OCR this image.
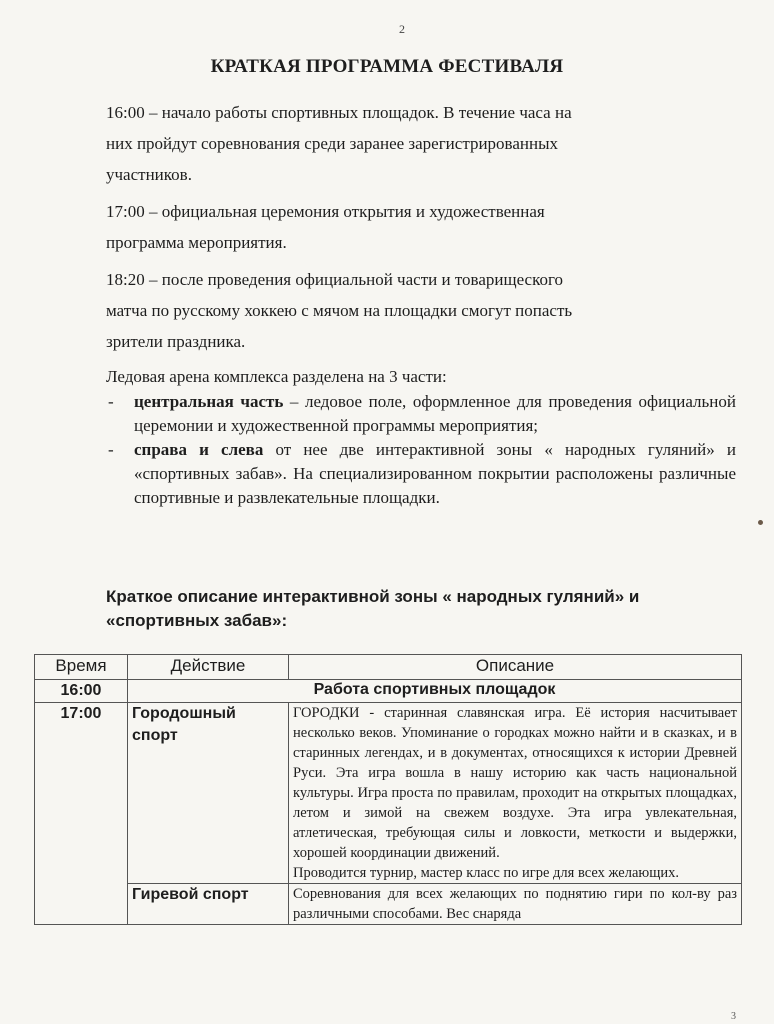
2
КРАТКАЯ ПРОГРАММА ФЕСТИВАЛЯ
16:00 – начало работы спортивных площадок. В течение часа на
них пройдут соревнования среди заранее зарегистрированных
участников.
17:00 – официальная церемония открытия и художественная
программа мероприятия.
18:20 – после проведения официальной части и товарищеского
матча по русскому хоккею с мячом на площадки смогут попасть
зрители праздника.
Ледовая арена комплекса разделена на 3 части:
- центральная часть – ледовое поле, оформленное для проведения официальной церемонии и художественной программы мероприятия;
- справа и слева от нее две интерактивной зоны « народных гуляний» и «спортивных забав». На специализированном покрытии расположены различные спортивные и развлекательные площадки.
Краткое описание интерактивной зоны « народных гуляний» и «спортивных забав»:
Время	Действие	Описание
16:00	Работа спортивных площадок	
17:00	Городошный спорт	ГОРОДКИ - старинная славянская игра. Её история насчитывает несколько веков. Упоминание о городках можно найти и в сказках, и в старинных легендах, и в документах, относящихся к истории Древней Руси. Эта игра вошла в нашу историю как часть национальной культуры. Игра проста по правилам, проходит на открытых площадках, летом и зимой на свежем воздухе. Эта игра увлекательная, атлетическая, требующая силы и ловкости, меткости и выдержки, хорошей координации движений.

Проводится турнир, мастер класс по игре для всех желающих.

	Гиревой спорт	Соревнования для всех желающих по поднятию гири по кол-ву раз различными способами. Вес снаряда

3
